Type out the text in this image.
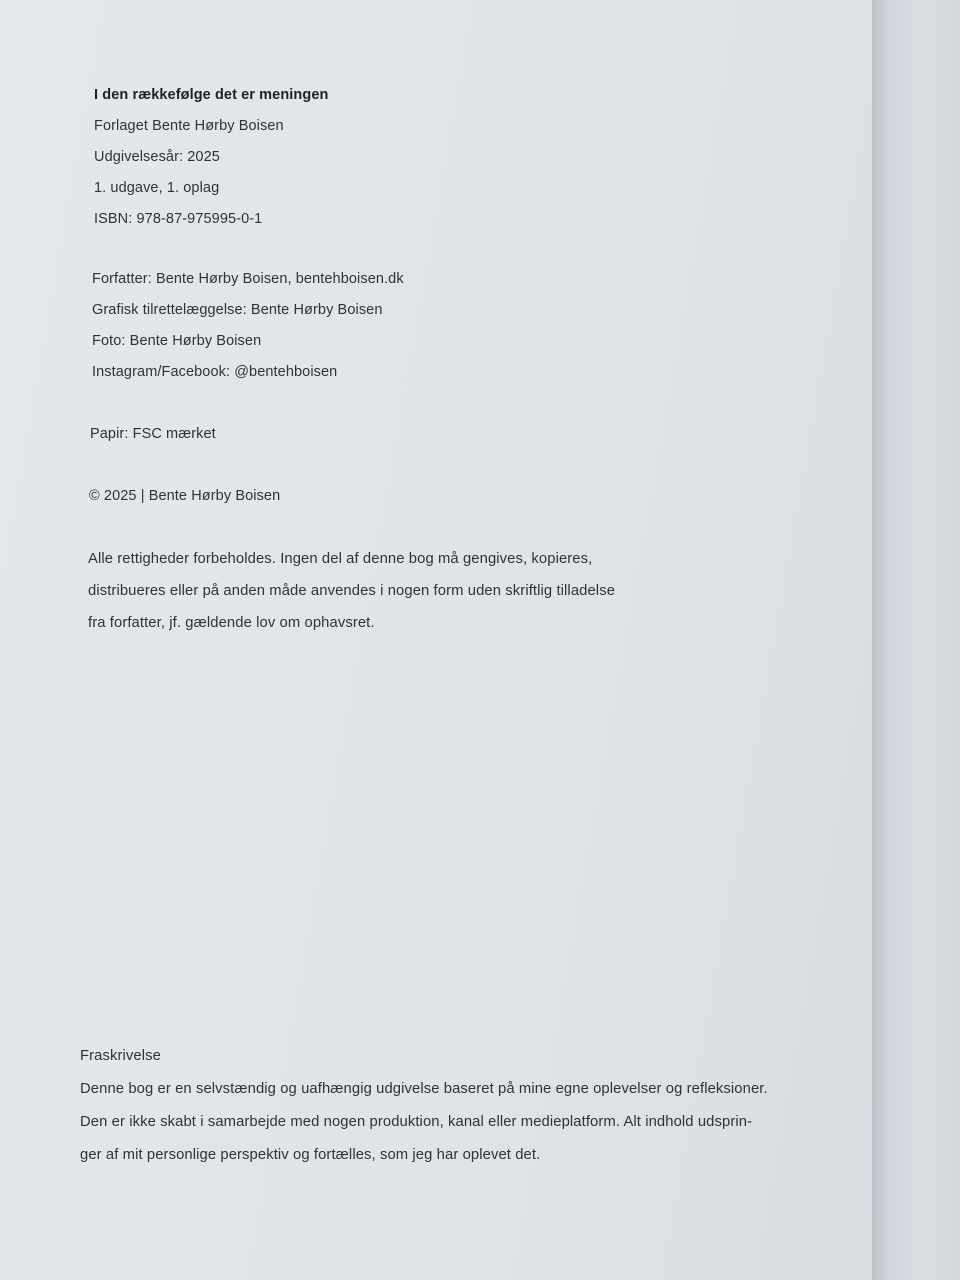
I den rækkefølge det er meningen
Forlaget Bente Hørby Boisen
Udgivelsesår: 2025
1. udgave, 1. oplag
ISBN: 978-87-975995-0-1
Forfatter: Bente Hørby Boisen, bentehboisen.dk
Grafisk tilrettelæggelse: Bente Hørby Boisen
Foto: Bente Hørby Boisen
Instagram/Facebook: @bentehboisen
Papir: FSC mærket
© 2025 | Bente Hørby Boisen
Alle rettigheder forbeholdes. Ingen del af denne bog må gengives, kopieres,
distribueres eller på anden måde anvendes i nogen form uden skriftlig tilladelse
fra forfatter, jf. gældende lov om ophavsret.
Fraskrivelse
Denne bog er en selvstændig og uafhængig udgivelse baseret på mine egne oplevelser og refleksioner.
Den er ikke skabt i samarbejde med nogen produktion, kanal eller medieplatform. Alt indhold udsprin-
ger af mit personlige perspektiv og fortælles, som jeg har oplevet det.
